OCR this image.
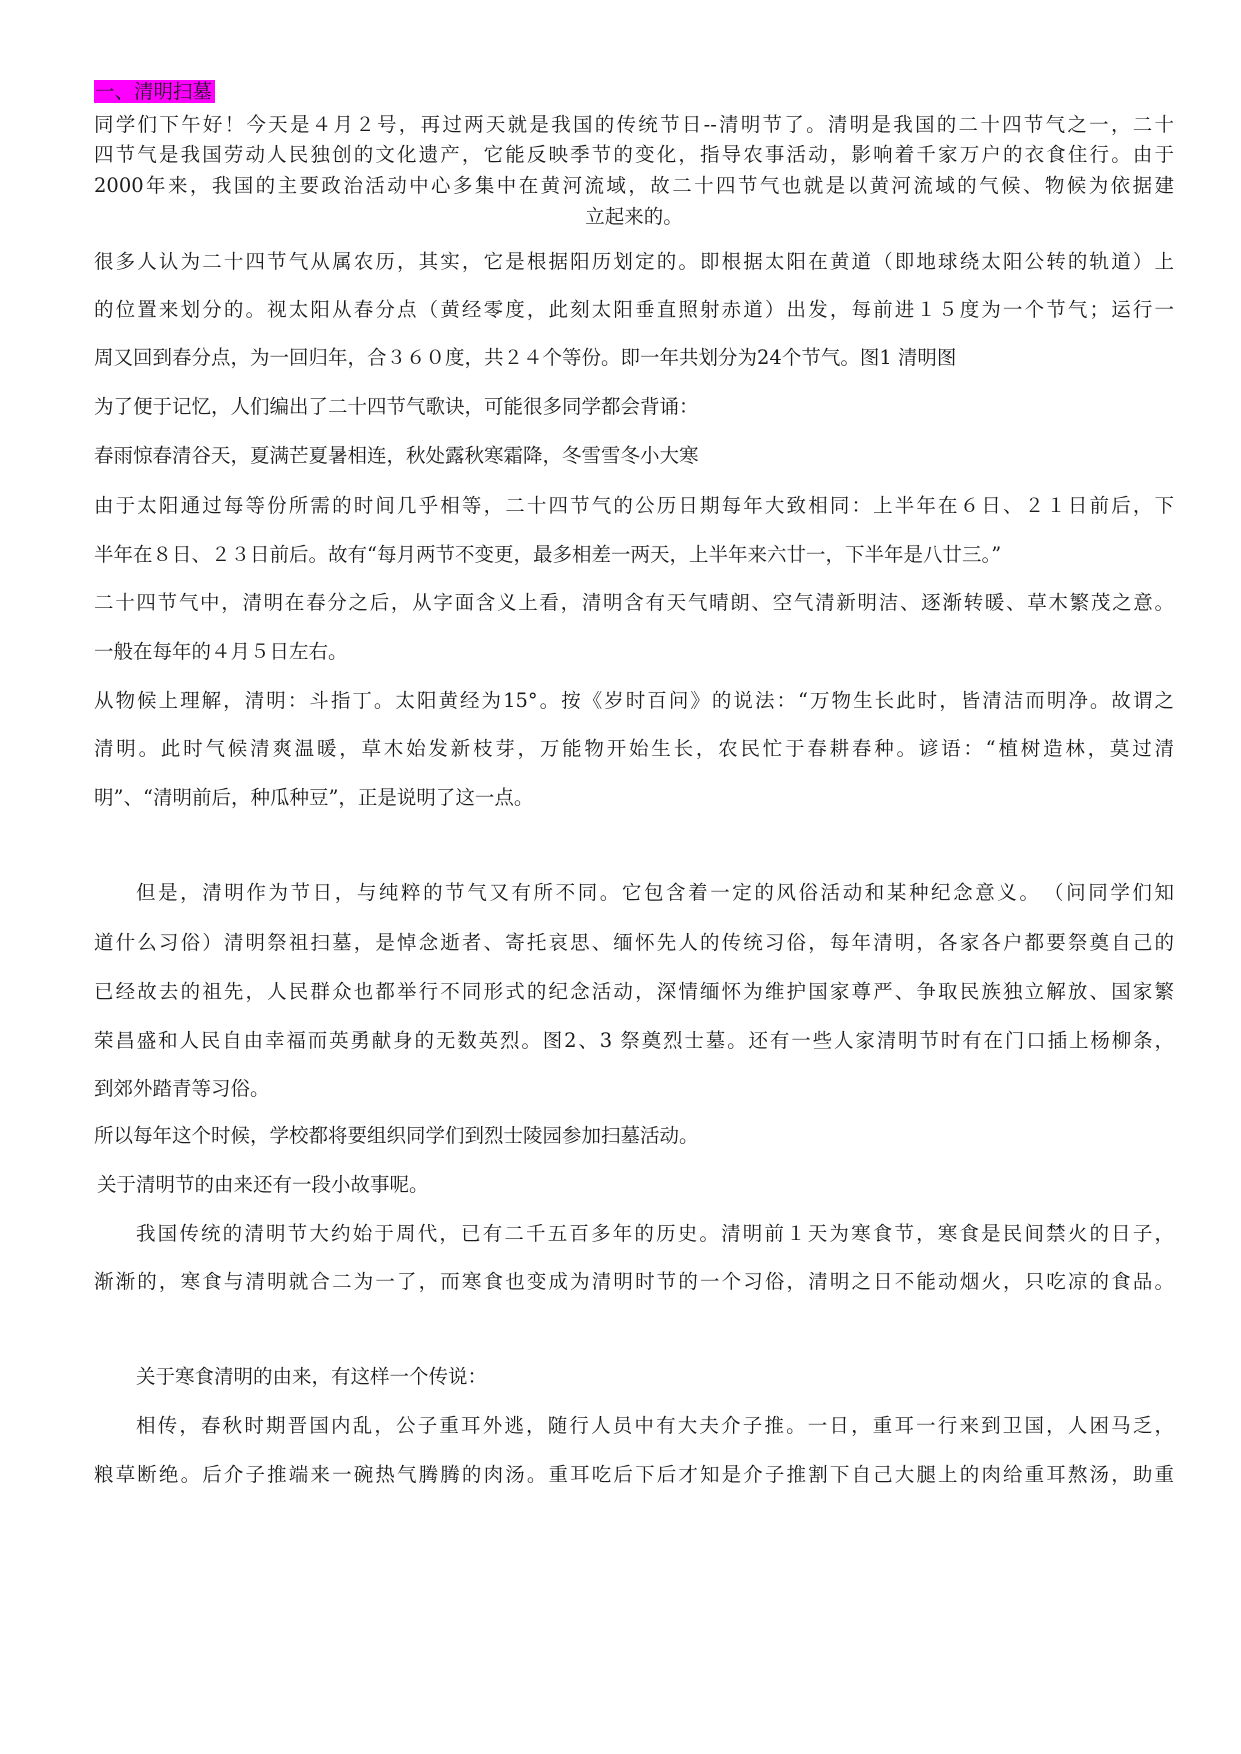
一、清明扫墓

同学们下午好！今天是４月２号，再过两天就是我国的传统节日--清明节了。清明是我国的二十四节气之一，二十

四节气是我国劳动人民独创的文化遗产，它能反映季节的变化，指导农事活动，影响着千家万户的衣食住行。由于

2000年来，我国的主要政治活动中心多集中在黄河流域，故二十四节气也就是以黄河流域的气候、物候为依据建

立起来的。

很多人认为二十四节气从属农历，其实，它是根据阳历划定的。即根据太阳在黄道（即地球绕太阳公转的轨道）上

的位置来划分的。视太阳从春分点（黄经零度，此刻太阳垂直照射赤道）出发，每前进１５度为一个节气；运行一

周又回到春分点，为一回归年，合３６０度，共２４个等份。即一年共划分为24个节气。图1 清明图

为了便于记忆，人们编出了二十四节气歌诀，可能很多同学都会背诵：

春雨惊春清谷天，夏满芒夏暑相连，秋处露秋寒霜降，冬雪雪冬小大寒

由于太阳通过每等份所需的时间几乎相等，二十四节气的公历日期每年大致相同：上半年在６日、２１日前后，下

半年在８日、２３日前后。故有“每月两节不变更，最多相差一两天，上半年来六廿一，下半年是八廿三。”

二十四节气中，清明在春分之后，从字面含义上看，清明含有天气晴朗、空气清新明洁、逐渐转暖、草木繁茂之意。

一般在每年的４月５日左右。

从物候上理解，清明：斗指丁。太阳黄经为15°。按《岁时百问》的说法：“万物生长此时，皆清洁而明净。故谓之

清明。此时气候清爽温暖，草木始发新枝芽，万能物开始生长，农民忙于春耕春种。谚语：“植树造林，莫过清

明”、“清明前后，种瓜种豆”，正是说明了这一点。

但是，清明作为节日，与纯粹的节气又有所不同。它包含着一定的风俗活动和某种纪念意义。　（问同学们知

道什么习俗）清明祭祖扫墓，是悼念逝者、寄托哀思、缅怀先人的传统习俗，每年清明，各家各户都要祭奠自己的

已经故去的祖先，人民群众也都举行不同形式的纪念活动，深情缅怀为维护国家尊严、争取民族独立解放、国家繁

荣昌盛和人民自由幸福而英勇献身的无数英烈。图2、3 祭奠烈士墓。还有一些人家清明节时有在门口插上杨柳条，

到郊外踏青等习俗。

所以每年这个时候，学校都将要组织同学们到烈士陵园参加扫墓活动。

关于清明节的由来还有一段小故事呢。

我国传统的清明节大约始于周代，已有二千五百多年的历史。清明前１天为寒食节，寒食是民间禁火的日子，

渐渐的，寒食与清明就合二为一了，而寒食也变成为清明时节的一个习俗，清明之日不能动烟火，只吃凉的食品。

关于寒食清明的由来，有这样一个传说：

相传，春秋时期晋国内乱，公子重耳外逃，随行人员中有大夫介子推。一日，重耳一行来到卫国，人困马乏，

粮草断绝。后介子推端来一碗热气腾腾的肉汤。重耳吃后下后才知是介子推割下自己大腿上的肉给重耳熬汤，助重
